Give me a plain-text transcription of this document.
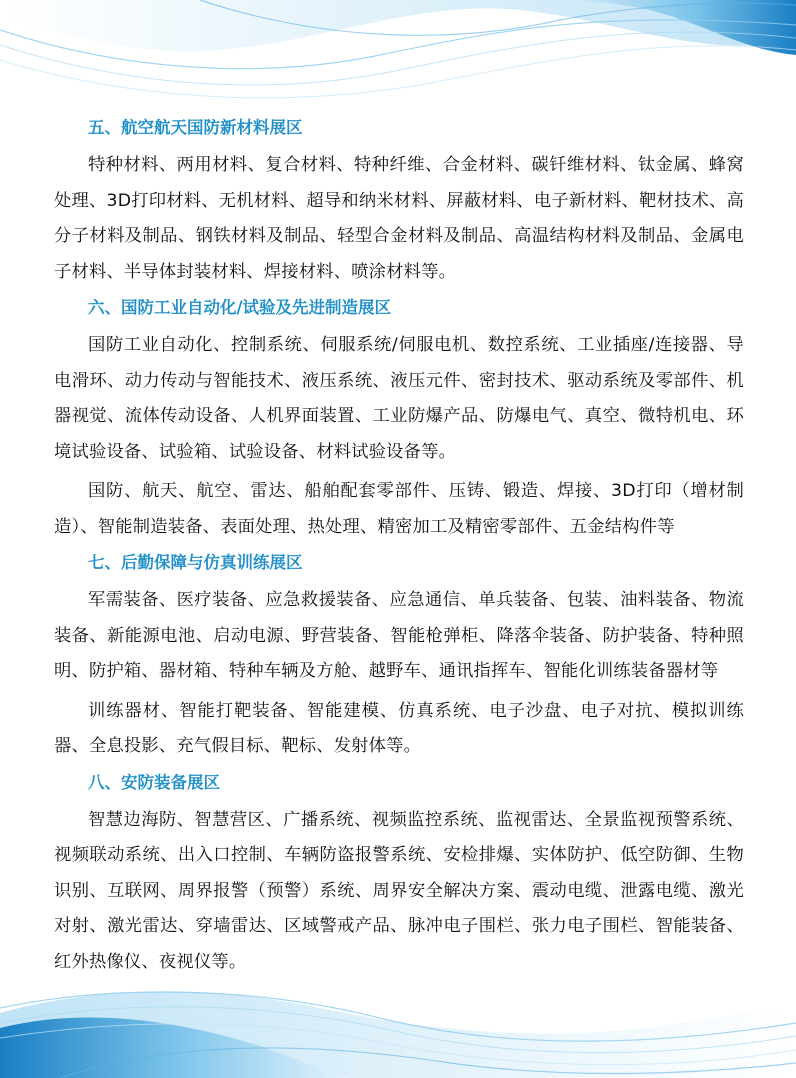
五、航空航天国防新材料展区

特种材料、两用材料、复合材料、特种纤维、合金材料、碳钎维材料、钛金属、蜂窝处理、3D打印材料、无机材料、超导和纳米材料、屏蔽材料、电子新材料、靶材技术、高分子材料及制品、钢铁材料及制品、轻型合金材料及制品、高温结构材料及制品、金属电子材料、半导体封装材料、焊接材料、喷涂材料等。

六、国防工业自动化/试验及先进制造展区

国防工业自动化、控制系统、伺服系统/伺服电机、数控系统、工业插座/连接器、导电滑环、动力传动与智能技术、液压系统、液压元件、密封技术、驱动系统及零部件、机器视觉、流体传动设备、人机界面装置、工业防爆产品、防爆电气、真空、微特机电、环境试验设备、试验箱、试验设备、材料试验设备等。

国防、航天、航空、雷达、船舶配套零部件、压铸、锻造、焊接、3D打印（增材制造）、智能制造装备、表面处理、热处理、精密加工及精密零部件、五金结构件等

七、后勤保障与仿真训练展区

军需装备、医疗装备、应急救援装备、应急通信、单兵装备、包装、油料装备、物流装备、新能源电池、启动电源、野营装备、智能枪弹柜、降落伞装备、防护装备、特种照明、防护箱、器材箱、特种车辆及方舱、越野车、通讯指挥车、智能化训练装备器材等

训练器材、智能打靶装备、智能建模、仿真系统、电子沙盘、电子对抗、模拟训练器、全息投影、充气假目标、靶标、发射体等。

八、安防装备展区

智慧边海防、智慧营区、广播系统、视频监控系统、监视雷达、全景监视预警系统、视频联动系统、出入口控制、车辆防盗报警系统、安检排爆、实体防护、低空防御、生物识别、互联网、周界报警（预警）系统、周界安全解决方案、震动电缆、泄露电缆、激光对射、激光雷达、穿墙雷达、区域警戒产品、脉冲电子围栏、张力电子围栏、智能装备、红外热像仪、夜视仪等。
